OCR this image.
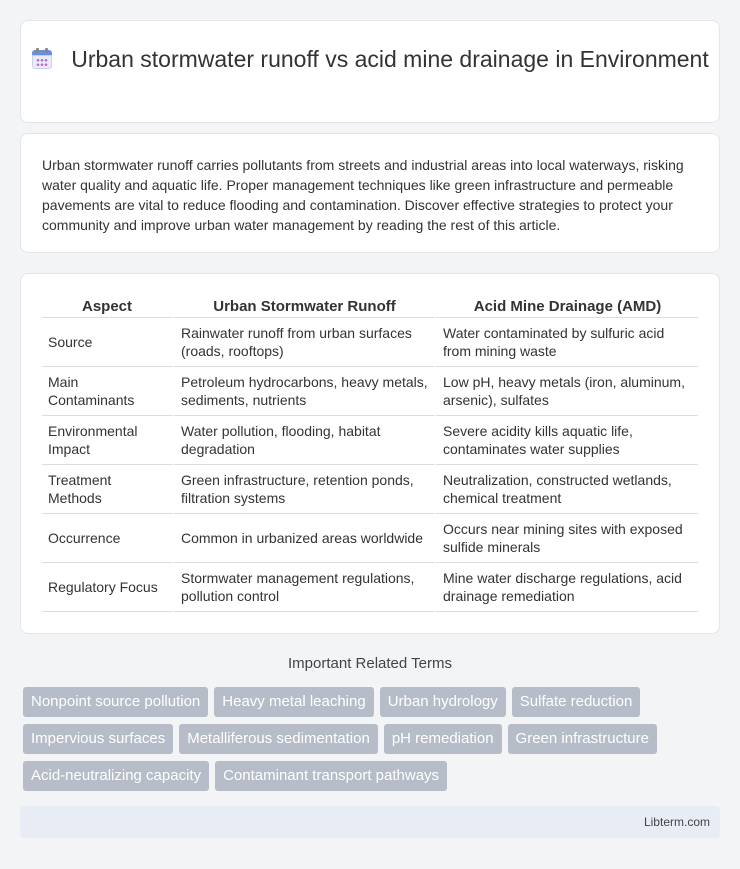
Urban stormwater runoff vs acid mine drainage in Environment

Urban stormwater runoff carries pollutants from streets and industrial areas into local waterways, risking water quality and aquatic life. Proper management techniques like green infrastructure and permeable pavements are vital to reduce flooding and contamination. Discover effective strategies to protect your community and improve urban water management by reading the rest of this article.

Aspect	Urban Stormwater Runoff	Acid Mine Drainage (AMD)
Source	Rainwater runoff from urban surfaces (roads, rooftops)	Water contaminated by sulfuric acid from mining waste
Main Contaminants	Petroleum hydrocarbons, heavy metals, sediments, nutrients	Low pH, heavy metals (iron, aluminum, arsenic), sulfates
Environmental Impact	Water pollution, flooding, habitat degradation	Severe acidity kills aquatic life, contaminates water supplies
Treatment Methods	Green infrastructure, retention ponds, filtration systems	Neutralization, constructed wetlands, chemical treatment
Occurrence	Common in urbanized areas worldwide	Occurs near mining sites with exposed sulfide minerals
Regulatory Focus	Stormwater management regulations, pollution control	Mine water discharge regulations, acid drainage remediation
Important Related Terms
Nonpoint source pollution	Heavy metal leaching	Urban hydrology	Sulfate reduction
Impervious surfaces	Metalliferous sedimentation	pH remediation	Green infrastructure
Acid-neutralizing capacity	Contaminant transport pathways
Libterm.com
